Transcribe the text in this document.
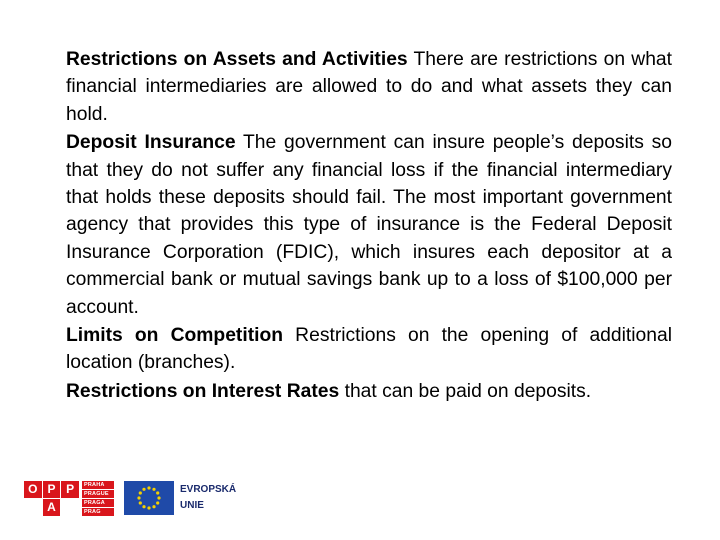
Restrictions on Assets and Activities There are restrictions on what financial intermediaries are allowed to do and what assets they can hold.

Deposit Insurance The government can insure people’s deposits so that they do not suffer any financial loss if the financial intermediary that holds these deposits should fail. The most important government agency that provides this type of insurance is the Federal Deposit Insurance Corporation (FDIC), which insures each depositor at a commercial bank or mutual savings bank up to a loss of $100,000 per account.

Limits on Competition Restrictions on the opening of additional location (branches).

Restrictions on Interest Rates that can be paid on deposits.

O P P
A
PRAHA
PRAGUE
PRAGA
PRAG
EVROPSKÁ
UNIE
